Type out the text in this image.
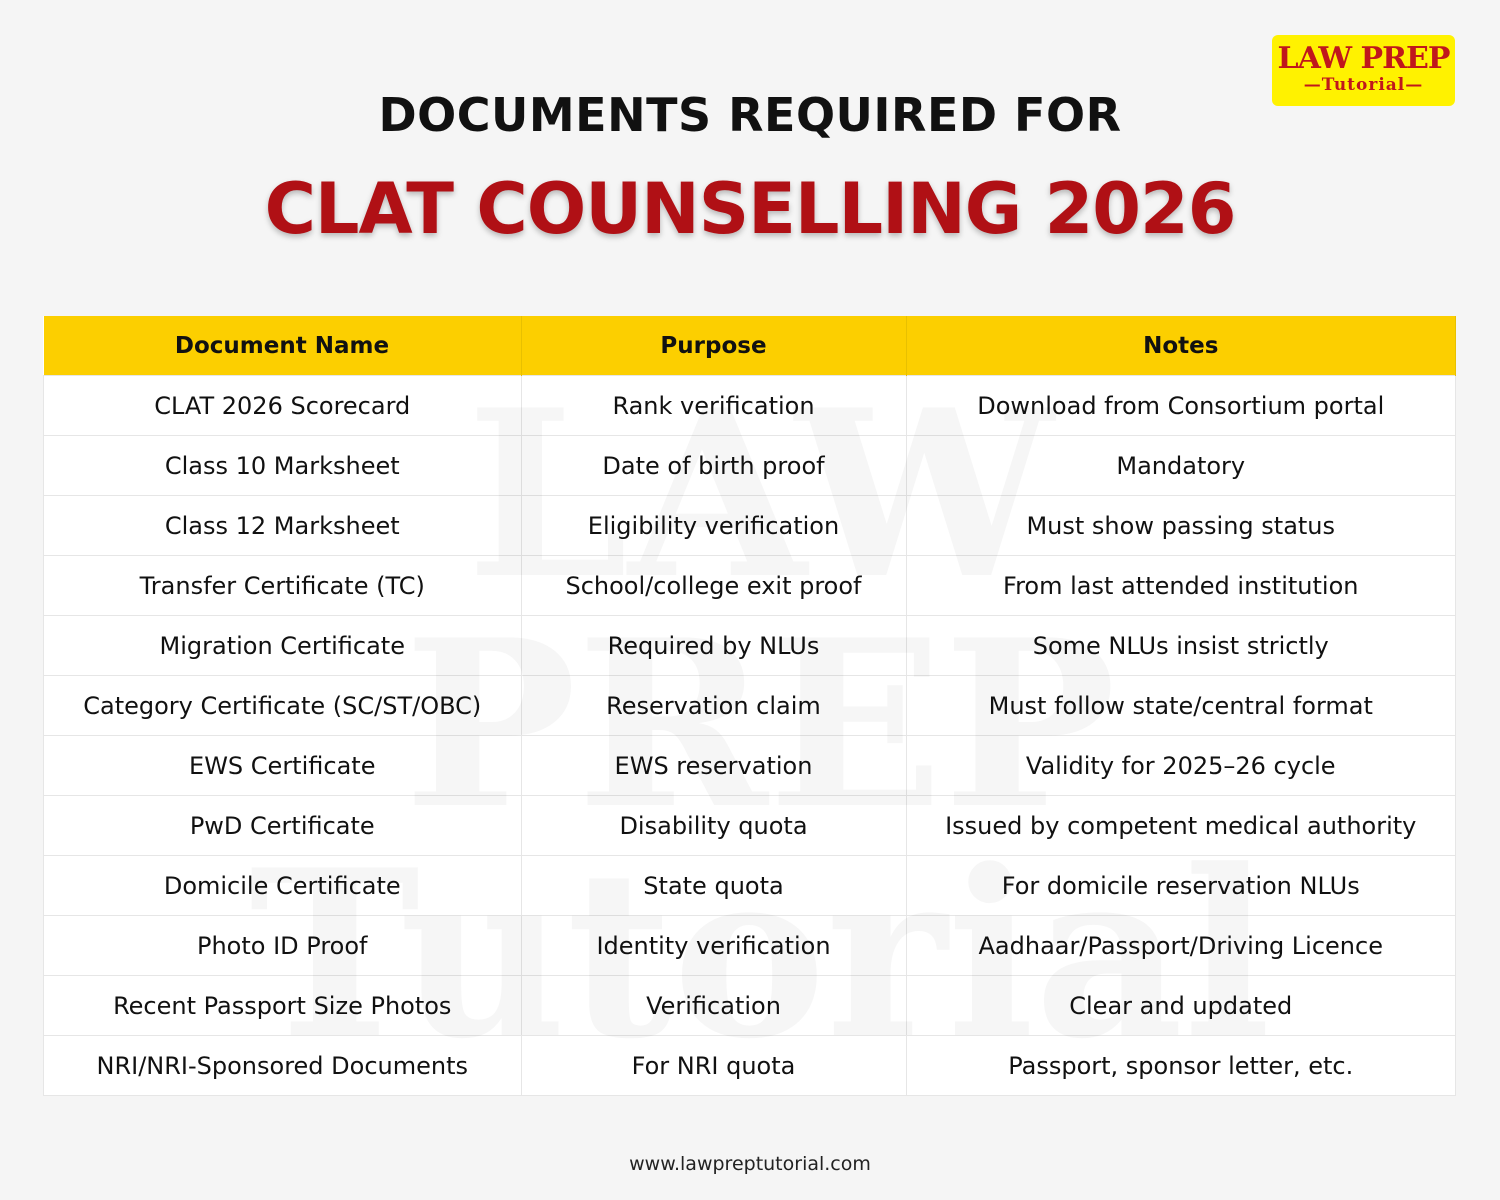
LAW PREP
—Tutorial—
DOCUMENTS REQUIRED FOR
CLAT COUNSELLING 2026

Document Name	Purpose	Notes
CLAT 2026 Scorecard	Rank verification	Download from Consortium portal
Class 10 Marksheet	Date of birth proof	Mandatory
Class 12 Marksheet	Eligibility verification	Must show passing status
Transfer Certificate (TC)	School/college exit proof	From last attended institution
Migration Certificate	Required by NLUs	Some NLUs insist strictly
Category Certificate (SC/ST/OBC)	Reservation claim	Must follow state/central format
EWS Certificate	EWS reservation	Validity for 2025–26 cycle
PwD Certificate	Disability quota	Issued by competent medical authority
Domicile Certificate	State quota	For domicile reservation NLUs
Photo ID Proof	Identity verification	Aadhaar/Passport/Driving Licence
Recent Passport Size Photos	Verification	Clear and updated
NRI/NRI-Sponsored Documents	For NRI quota	Passport, sponsor letter, etc.
www.lawpreptutorial.com
